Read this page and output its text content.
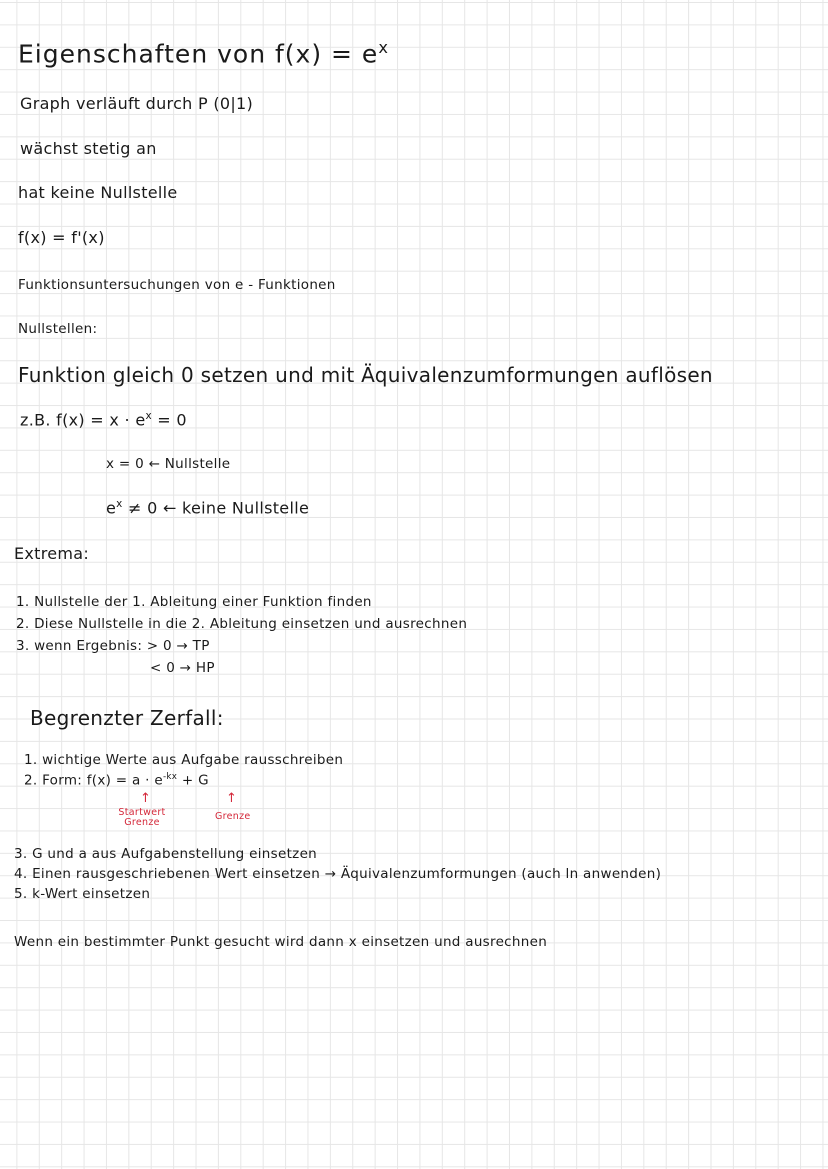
Eigenschaften von $f(x) = e^x$
Graph verläuft durch P (0|1)
wächst stetig an
hat keine Nullstelle
f(x) = f'(x)
Funktionsuntersuchungen von e - Funktionen
Nullstellen:
Funktion gleich 0 setzen und mit Äquivalenzumformungen auflösen
z.B. $f(x) = x \cdot e^x = 0$
x = 0 ← Nullstelle
$e^x \ne 0$ ← keine Nullstelle
Extrema:
1. Nullstelle der 1. Ableitung einer Funktion finden
2. Diese Nullstelle in die 2. Ableitung einsetzen und ausrechnen
3. wenn Ergebnis: > 0 → TP
< 0 → HP
Begrenzter Zerfall:
1. wichtige Werte aus Aufgabe rausschreiben
2. Form: $f(x) = a \cdot e^{-kx} + G$
↑	↑
Startwert Grenze
Grenze
3. G und a aus Aufgabenstellung einsetzen
4. Einen rausgeschriebenen Wert einsetzen → Äquivalenzumformungen (auch ln anwenden)
5. k-Wert einsetzen
Wenn ein bestimmter Punkt gesucht wird dann x einsetzen und ausrechnen
